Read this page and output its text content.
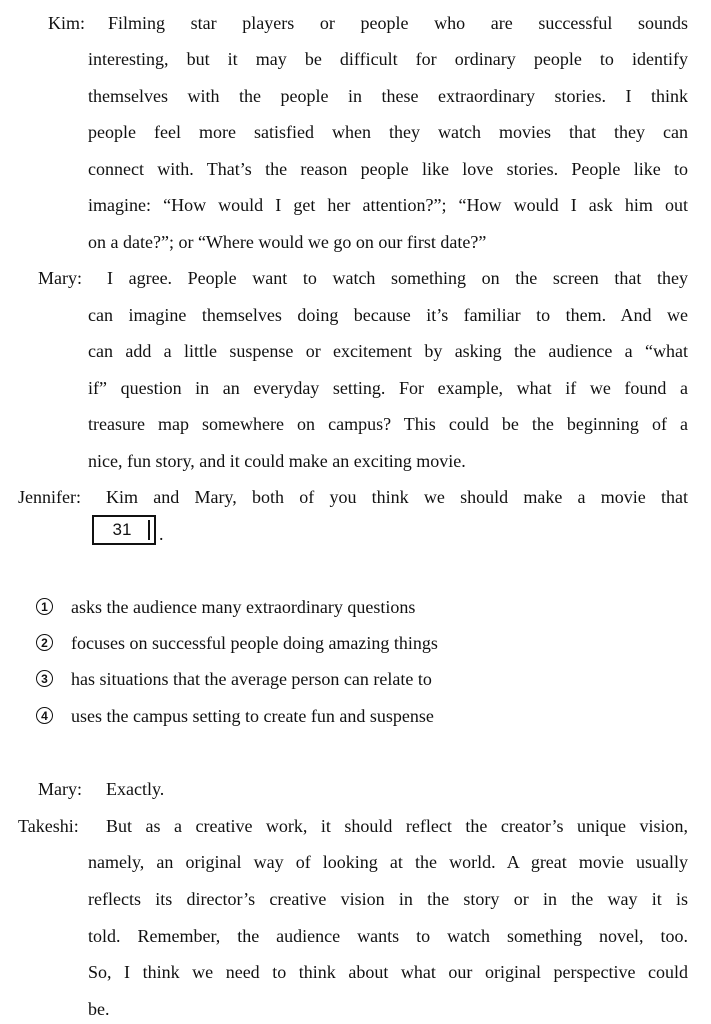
Kim: Filming star players or people who are successful sounds
interesting, but it may be difficult for ordinary people to identify
themselves with the people in these extraordinary stories. I think
people feel more satisfied when they watch movies that they can
connect with. That’s the reason people like love stories. People like to
imagine: “How would I get her attention?”; “How would I ask him out
on a date?”; or “Where would we go on our first date?”
Mary: I agree. People want to watch something on the screen that they
can imagine themselves doing because it’s familiar to them. And we
can add a little suspense or excitement by asking the audience a “what
if” question in an everyday setting. For example, what if we found a
treasure map somewhere on campus? This could be the beginning of a
nice, fun story, and it could make an exciting movie.
Jennifer: Kim and Mary, both of you think we should make a movie that
31 .
1 asks the audience many extraordinary questions
2 focuses on successful people doing amazing things
3 has situations that the average person can relate to
4 uses the campus setting to create fun and suspense
Mary: Exactly.
Takeshi: But as a creative work, it should reflect the creator’s unique vision,
namely, an original way of looking at the world. A great movie usually
reflects its director’s creative vision in the story or in the way it is
told. Remember, the audience wants to watch something novel, too.
So, I think we need to think about what our original perspective could
be.
